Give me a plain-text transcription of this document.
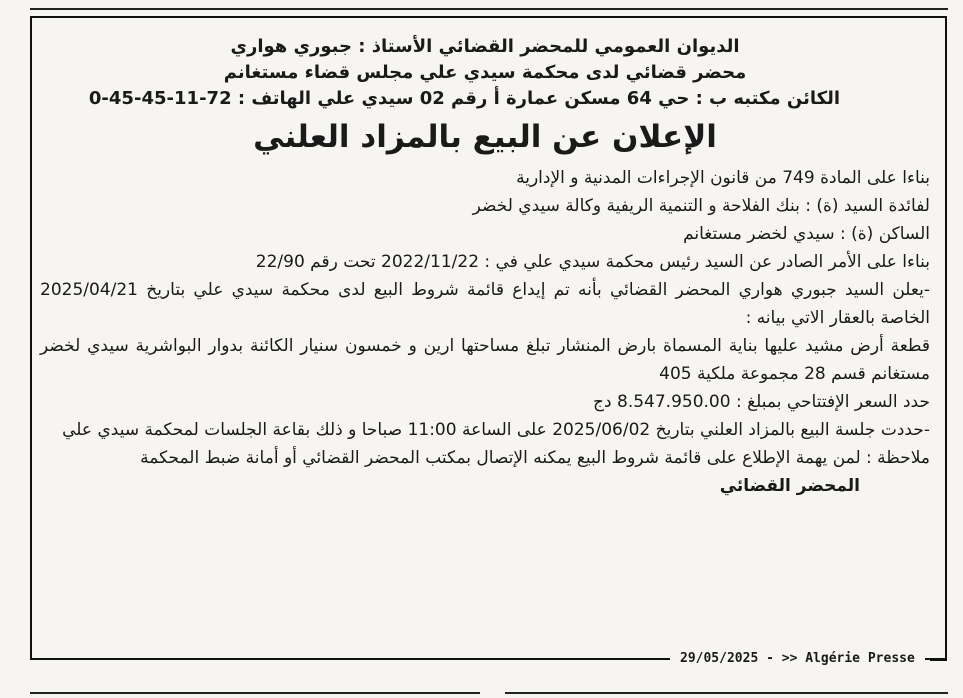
الديوان العمومي للمحضر القضائي الأستاذ : جبوري هواري
محضر قضائي لدى محكمة سيدي علي مجلس قضاء مستغانم
الكائن مكتبه ب : حي 64 مسكن عمارة أ رقم 02 سيدي علي الهاتف : 72-11-45-45-0
الإعلان عن البيع بالمزاد العلني
بناءا على المادة 749 من قانون الإجراءات المدنية و الإدارية
لفائدة السيد (ة) : بنك الفلاحة و التنمية الريفية وكالة سيدي لخضر
الساكن (ة) : سيدي لخضر مستغانم
بناءا على الأمر الصادر عن السيد رئيس محكمة سيدي علي في : 2022/11/22 تحت رقم 22/90
-يعلن السيد جبوري هواري المحضر القضائي بأنه تم إيداع قائمة شروط البيع لدى محكمة سيدي علي بتاريخ 2025/04/21 الخاصة بالعقار الاتي بيانه :
قطعة أرض مشيد عليها بناية المسماة بارض المنشار تبلغ مساحتها ارين و خمسون سنيار الكائنة بدوار البواشرية سيدي لخضر مستغانم قسم 28 مجموعة ملكية 405
حدد السعر الإفتتاحي بمبلغ : 8.547.950.00 دج
-حددت جلسة البيع بالمزاد العلني بتاريخ 2025/06/02 على الساعة 11:00 صباحا و ذلك بقاعة الجلسات لمحكمة سيدي علي
ملاحظة : لمن يهمة الإطلاع على قائمة شروط البيع يمكنه الإتصال بمكتب المحضر القضائي أو أمانة ضبط المحكمة
المحضر القضائي
29/05/2025 - >> Algérie Presse
